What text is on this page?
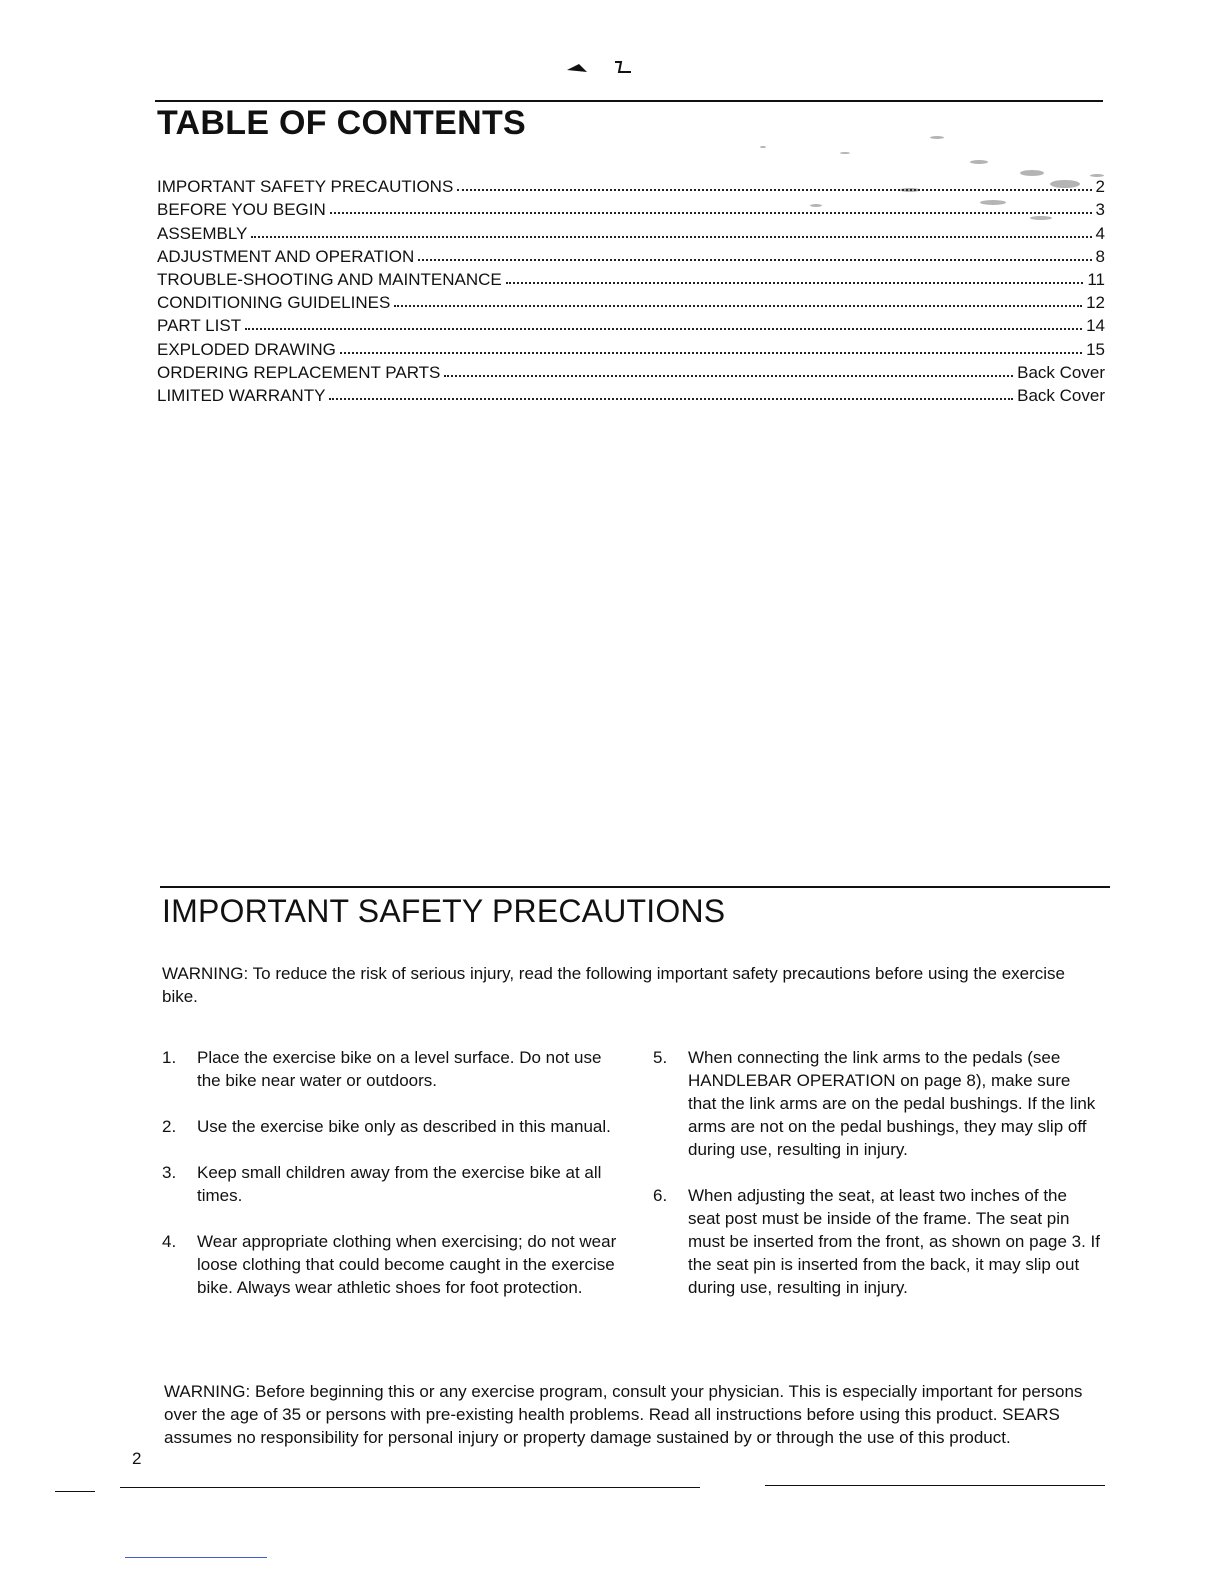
TABLE OF CONTENTS
IMPORTANT SAFETY PRECAUTIONS	2
BEFORE YOU BEGIN	3
ASSEMBLY	4
ADJUSTMENT AND OPERATION	8
TROUBLE-SHOOTING AND MAINTENANCE	11
CONDITIONING GUIDELINES	12
PART LIST	14
EXPLODED DRAWING	15
ORDERING REPLACEMENT PARTS	Back Cover
LIMITED WARRANTY	Back Cover
IMPORTANT SAFETY PRECAUTIONS

WARNING: To reduce the risk of serious injury, read the following important safety precautions before using the exercise bike.

1.	Place the exercise bike on a level surface. Do not use the bike near water or outdoors.
2.	Use the exercise bike only as described in this manual.
3.	Keep small children away from the exercise bike at all times.
4.	Wear appropriate clothing when exercising; do not wear loose clothing that could become caught in the exercise bike. Always wear athletic shoes for foot protection.
5.	When connecting the link arms to the pedals (see HANDLEBAR OPERATION on page 8), make sure that the link arms are on the pedal bushings. If the link arms are not on the pedal bushings, they may slip off during use, resulting in injury.
6.	When adjusting the seat, at least two inches of the seat post must be inside of the frame. The seat pin must be inserted from the front, as shown on page 3. If the seat pin is inserted from the back, it may slip out during use, resulting in injury.

WARNING: Before beginning this or any exercise program, consult your physician. This is especially important for persons over the age of 35 or persons with pre-existing health problems. Read all instructions before using this product. SEARS assumes no responsibility for personal injury or property damage sustained by or through the use of this product.

2
